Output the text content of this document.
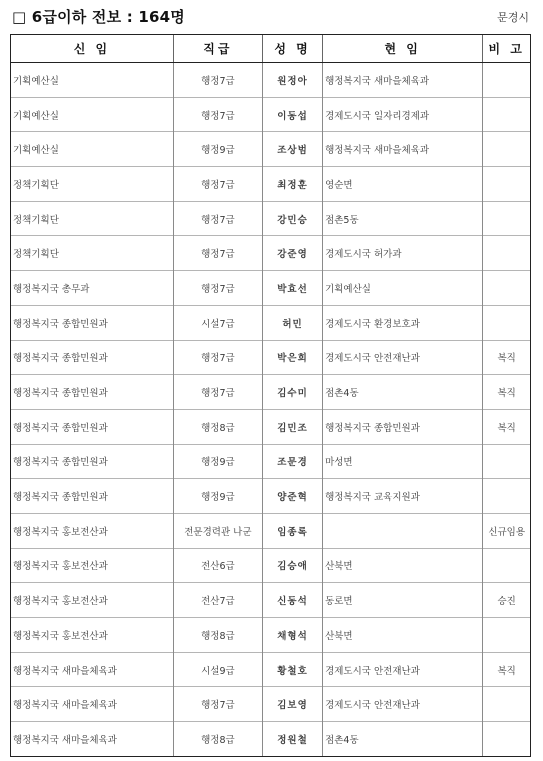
□ 6급이하 전보 : 164명	문경시
신 임	직급	성 명	현 임	비 고
기획예산실	행정7급	원정아	행정복지국 새마을체육과	
기획예산실	행정7급	이동섭	경제도시국 일자리경제과	
기획예산실	행정9급	조상범	행정복지국 새마을체육과	
정책기획단	행정7급	최정훈	영순면	
정책기획단	행정7급	강민승	점촌5동	
정책기획단	행정7급	강준영	경제도시국 허가과	
행정복지국 총무과	행정7급	박효선	기획예산실	
행정복지국 종합민원과	시설7급	허민	경제도시국 환경보호과	
행정복지국 종합민원과	행정7급	박은희	경제도시국 안전재난과	복직
행정복지국 종합민원과	행정7급	김수미	점촌4동	복직
행정복지국 종합민원과	행정8급	김민조	행정복지국 종합민원과	복직
행정복지국 종합민원과	행정9급	조문경	마성면	
행정복지국 종합민원과	행정9급	양준혁	행정복지국 교육지원과	
행정복지국 홍보전산과	전문경력관 나군	임종록		신규임용
행정복지국 홍보전산과	전산6급	김승애	산북면	
행정복지국 홍보전산과	전산7급	신동석	동로면	승진
행정복지국 홍보전산과	행정8급	채형석	산북면	
행정복지국 새마을체육과	시설9급	황철호	경제도시국 안전재난과	복직
행정복지국 새마을체육과	행정7급	김보영	경제도시국 안전재난과	
행정복지국 새마을체육과	행정8급	정원철	점촌4동	
